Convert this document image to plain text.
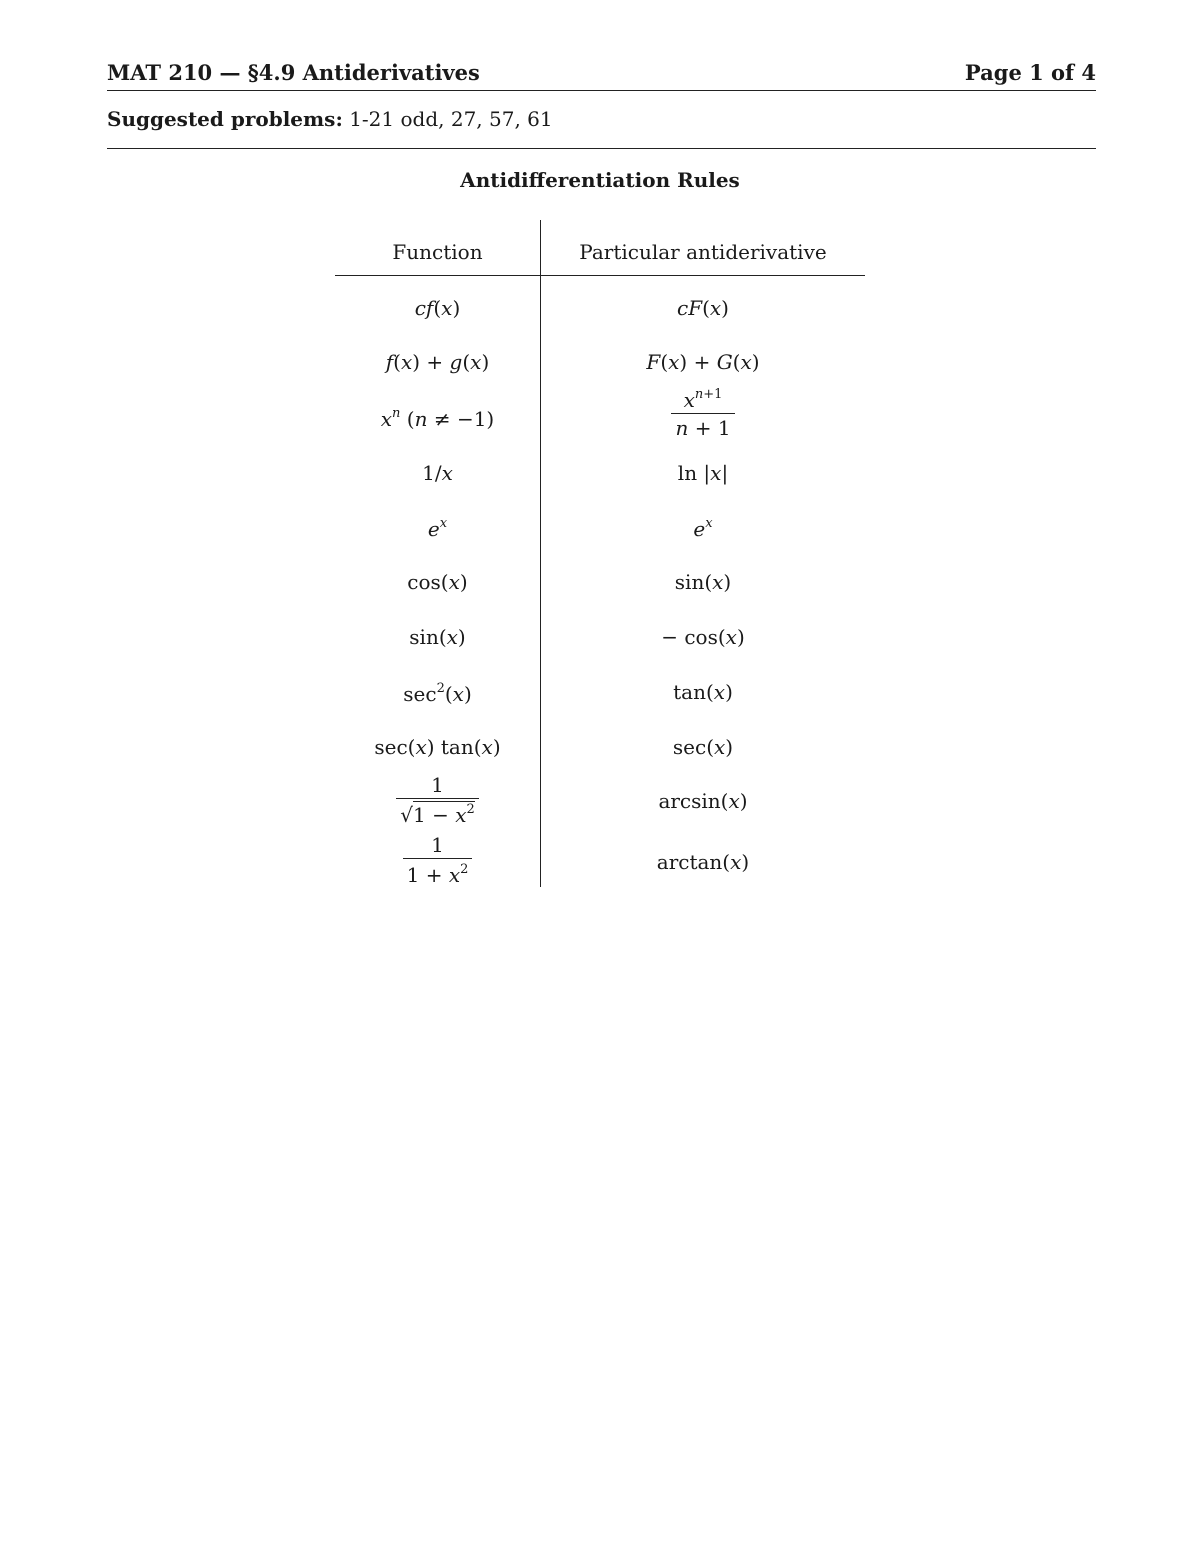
MAT 210 — §4.9 Antiderivatives	Page 1 of 4
Suggested problems: 1-21 odd, 27, 57, 61
Antidifferentiation Rules
Function	Particular antiderivative
cf(x)	cF(x)
f(x) + g(x)	F(x) + G(x)
$x^n$ (n ≠ −1)	$\frac{x^{n+1}}{n + 1}$
1/x	ln |x|
$e^x$	$e^x$
cos(x)	sin(x)
sin(x)	− cos(x)
$\sec^2(x)$	tan(x)
sec(x) tan(x)	sec(x)
$\frac{1}{√1 - x^2}$	arcsin(x)
$\frac{1}{1 + x^2}$	arctan(x)
